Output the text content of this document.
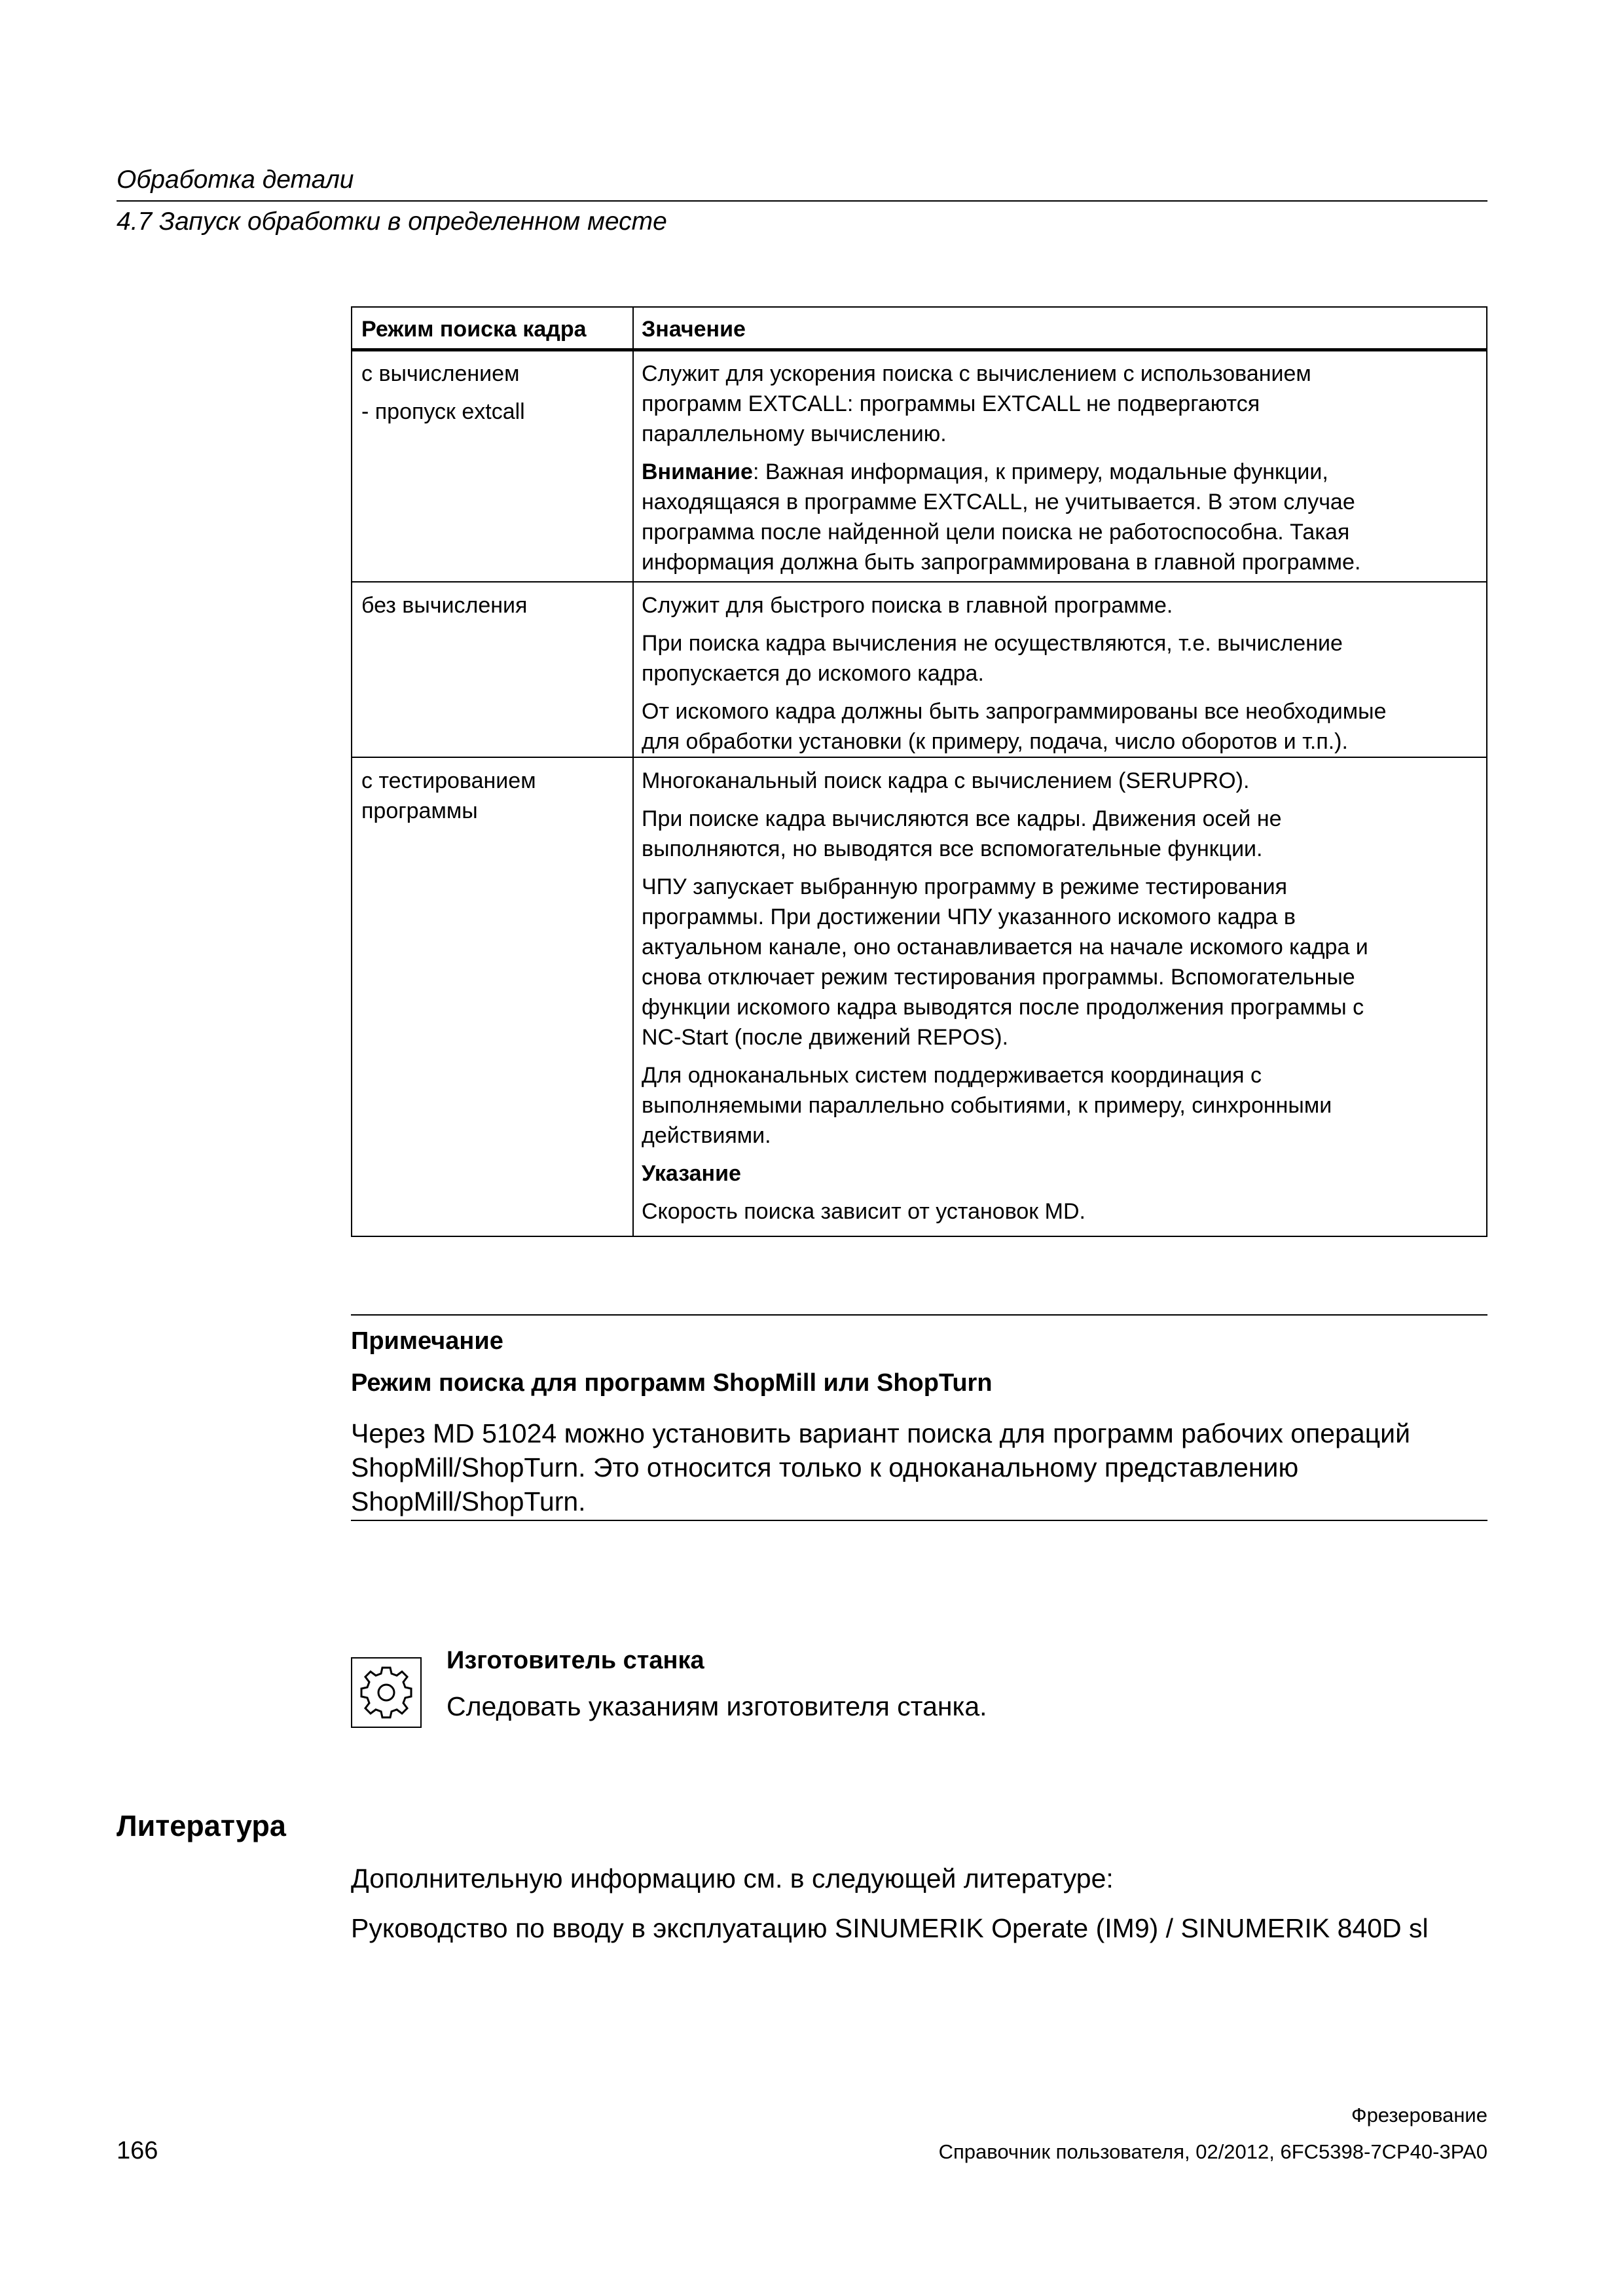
Обработка детали
4.7 Запуск обработки в определенном месте
Режим поиска кадра	Значение
с вычислением
- пропуск extcall
Служит для ускорения поиска с вычислением с использованием
программ EXTCALL: программы EXTCALL не подвергаются
параллельному вычислению.
Внимание: Важная информация, к примеру, модальные функции,
находящаяся в программе EXTCALL, не учитывается. В этом случае
программа после найденной цели поиска не работоспособна. Такая
информация должна быть запрограммирована в главной программе.
без вычисления	Служит для быстрого поиска в главной программе.
При поиска кадра вычисления не осуществляются, т.е. вычисление
пропускается до искомого кадра.
От искомого кадра должны быть запрограммированы все необходимые
для обработки установки (к примеру, подача, число оборотов и т.п.).
с тестированием
программы
Многоканальный поиск кадра с вычислением (SERUPRO).
При поиске кадра вычисляются все кадры. Движения осей не
выполняются, но выводятся все вспомогательные функции.
ЧПУ запускает выбранную программу в режиме тестирования
программы. При достижении ЧПУ указанного искомого кадра в
актуальном канале, оно останавливается на начале искомого кадра и
снова отключает режим тестирования программы. Вспомогательные
функции искомого кадра выводятся после продолжения программы с
NC-Start (после движений REPOS).
Для одноканальных систем поддерживается координация с
выполняемыми параллельно событиями, к примеру, синхронными
действиями.
Указание
Скорость поиска зависит от установок MD.
Примечание
Режим поиска для программ ShopMill или ShopTurn
Через MD 51024 можно установить вариант поиска для программ рабочих операций
ShopMill/ShopTurn. Это относится только к одноканальному представлению
ShopMill/ShopTurn.
Изготовитель станка
Следовать указаниям изготовителя станка.
Литература
Дополнительную информацию см. в следующей литературе:
Руководство по вводу в эксплуатацию SINUMERIK Operate (IM9) / SINUMERIK 840D sl
Фрезерование
Справочник пользователя, 02/2012, 6FC5398-7CP40-3PA0
166
